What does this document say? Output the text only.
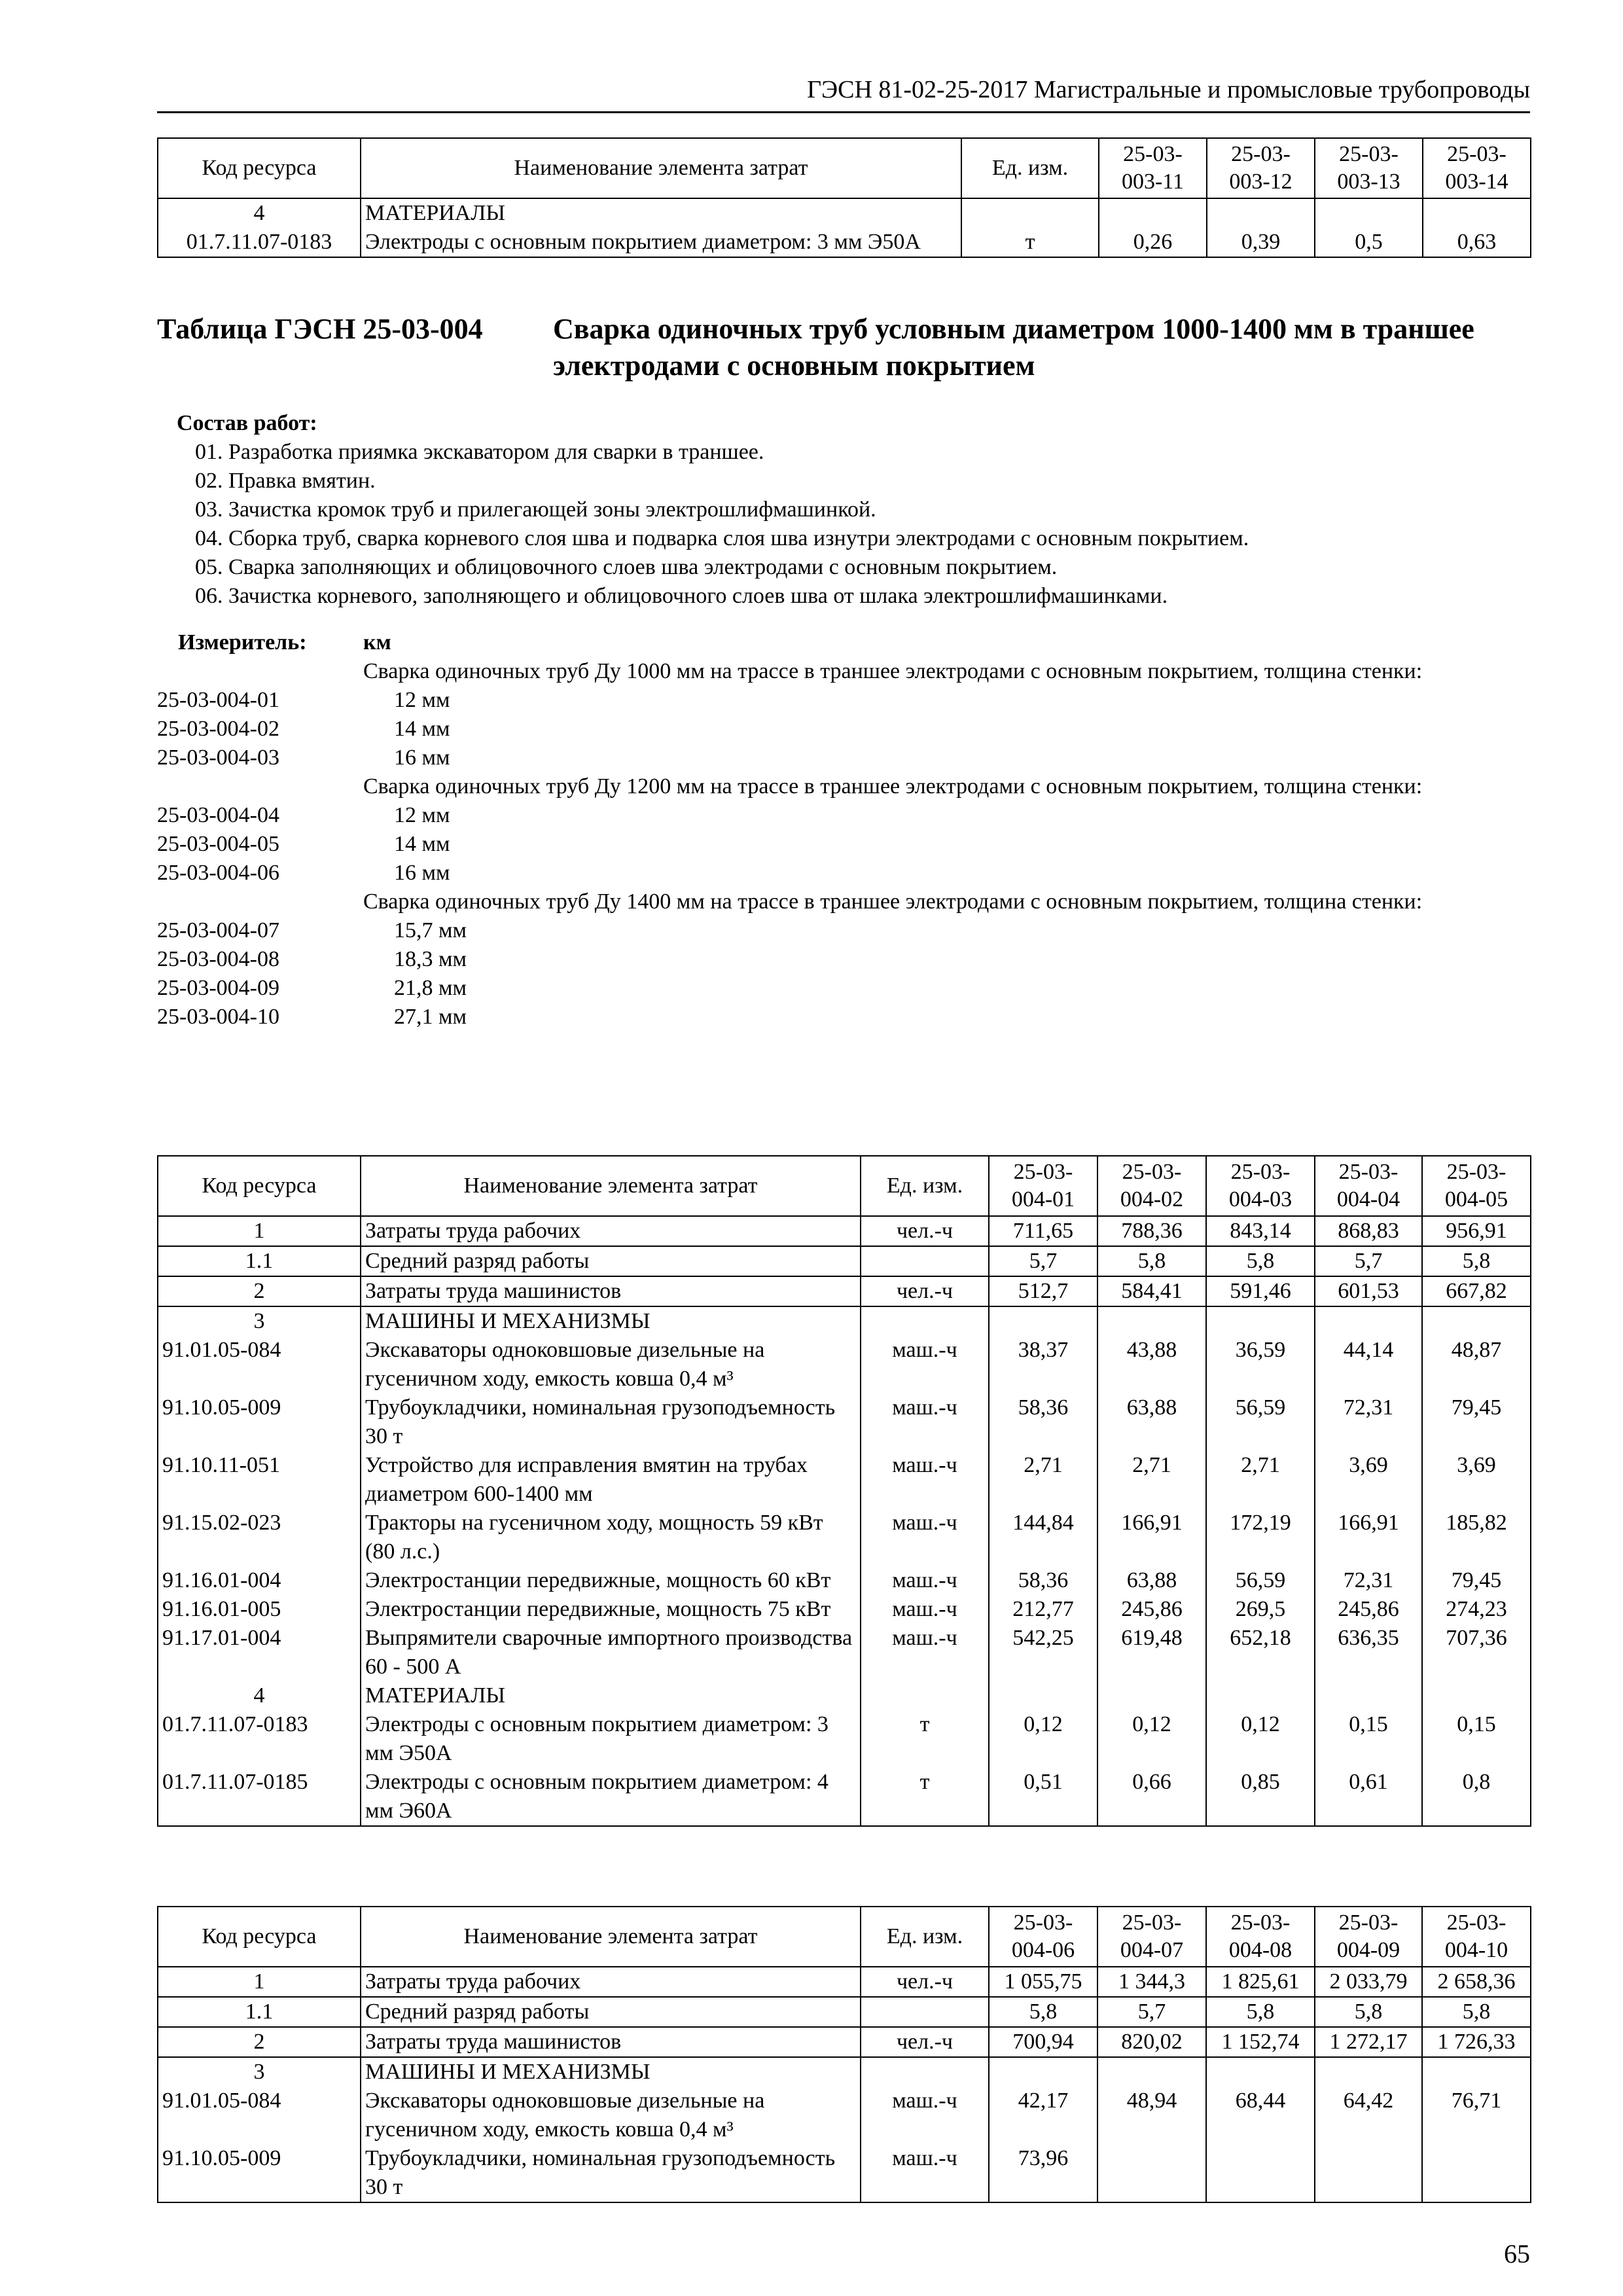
ГЭСН 81-02-25-2017 Магистральные и промысловые трубопроводы
Код ресурса	Наименование элемента затрат	Ед. изм.	25-03-003-11	25-03-003-12	25-03-003-13	25-03-003-14
4	МАТЕРИАЛЫ					
01.7.11.07-0183	Электроды с основным покрытием диаметром: 3 мм Э50А	т	0,26	0,39	0,5	0,63
Таблица ГЭСН 25-03-004 Сварка одиночных труб условным диаметром 1000-1400 мм в траншее электродами с основным покрытием
Состав работ:
01. Разработка приямка экскаватором для сварки в траншее.
02. Правка вмятин.
03. Зачистка кромок труб и прилегающей зоны электрошлифмашинкой.
04. Сборка труб, сварка корневого слоя шва и подварка слоя шва изнутри электродами с основным покрытием.
05. Сварка заполняющих и облицовочного слоев шва электродами с основным покрытием.
06. Зачистка корневого, заполняющего и облицовочного слоев шва от шлака электрошлифмашинками.
Измеритель:	км
Сварка одиночных труб Ду 1000 мм на трассе в траншее электродами с основным покрытием, толщина стенки:
25-03-004-01	12 мм
25-03-004-02	14 мм
25-03-004-03	16 мм
Сварка одиночных труб Ду 1200 мм на трассе в траншее электродами с основным покрытием, толщина стенки:
25-03-004-04	12 мм
25-03-004-05	14 мм
25-03-004-06	16 мм
Сварка одиночных труб Ду 1400 мм на трассе в траншее электродами с основным покрытием, толщина стенки:
25-03-004-07	15,7 мм
25-03-004-08	18,3 мм
25-03-004-09	21,8 мм
25-03-004-10	27,1 мм
Код ресурса	Наименование элемента затрат	Ед. изм.	25-03-004-01	25-03-004-02	25-03-004-03	25-03-004-04	25-03-004-05
1	Затраты труда рабочих	чел.-ч	711,65	788,36	843,14	868,83	956,91
1.1	Средний разряд работы		5,7	5,8	5,8	5,7	5,8
2	Затраты труда машинистов	чел.-ч	512,7	584,41	591,46	601,53	667,82
3	МАШИНЫ И МЕХАНИЗМЫ						
91.01.05-084	Экскаваторы одноковшовые дизельные на гусеничном ходу, емкость ковша 0,4 м³	маш.-ч	38,37	43,88	36,59	44,14	48,87
91.10.05-009	Трубоукладчики, номинальная грузоподъемность 30 т	маш.-ч	58,36	63,88	56,59	72,31	79,45
91.10.11-051	Устройство для исправления вмятин на трубах диаметром 600-1400 мм	маш.-ч	2,71	2,71	2,71	3,69	3,69
91.15.02-023	Тракторы на гусеничном ходу, мощность 59 кВт (80 л.с.)	маш.-ч	144,84	166,91	172,19	166,91	185,82
91.16.01-004	Электростанции передвижные, мощность 60 кВт	маш.-ч	58,36	63,88	56,59	72,31	79,45
91.16.01-005	Электростанции передвижные, мощность 75 кВт	маш.-ч	212,77	245,86	269,5	245,86	274,23
91.17.01-004	Выпрямители сварочные импортного производства 60 - 500 А	маш.-ч	542,25	619,48	652,18	636,35	707,36
4	МАТЕРИАЛЫ						
01.7.11.07-0183	Электроды с основным покрытием диаметром: 3 мм Э50А	т	0,12	0,12	0,12	0,15	0,15
01.7.11.07-0185	Электроды с основным покрытием диаметром: 4 мм Э60А	т	0,51	0,66	0,85	0,61	0,8
Код ресурса	Наименование элемента затрат	Ед. изм.	25-03-004-06	25-03-004-07	25-03-004-08	25-03-004-09	25-03-004-10
1	Затраты труда рабочих	чел.-ч	1 055,75	1 344,3	1 825,61	2 033,79	2 658,36
1.1	Средний разряд работы		5,8	5,7	5,8	5,8	5,8
2	Затраты труда машинистов	чел.-ч	700,94	820,02	1 152,74	1 272,17	1 726,33
3	МАШИНЫ И МЕХАНИЗМЫ						
91.01.05-084	Экскаваторы одноковшовые дизельные на гусеничном ходу, емкость ковша 0,4 м³	маш.-ч	42,17	48,94	68,44	64,42	76,71
91.10.05-009	Трубоукладчики, номинальная грузоподъемность 30 т	маш.-ч	73,96				
65
